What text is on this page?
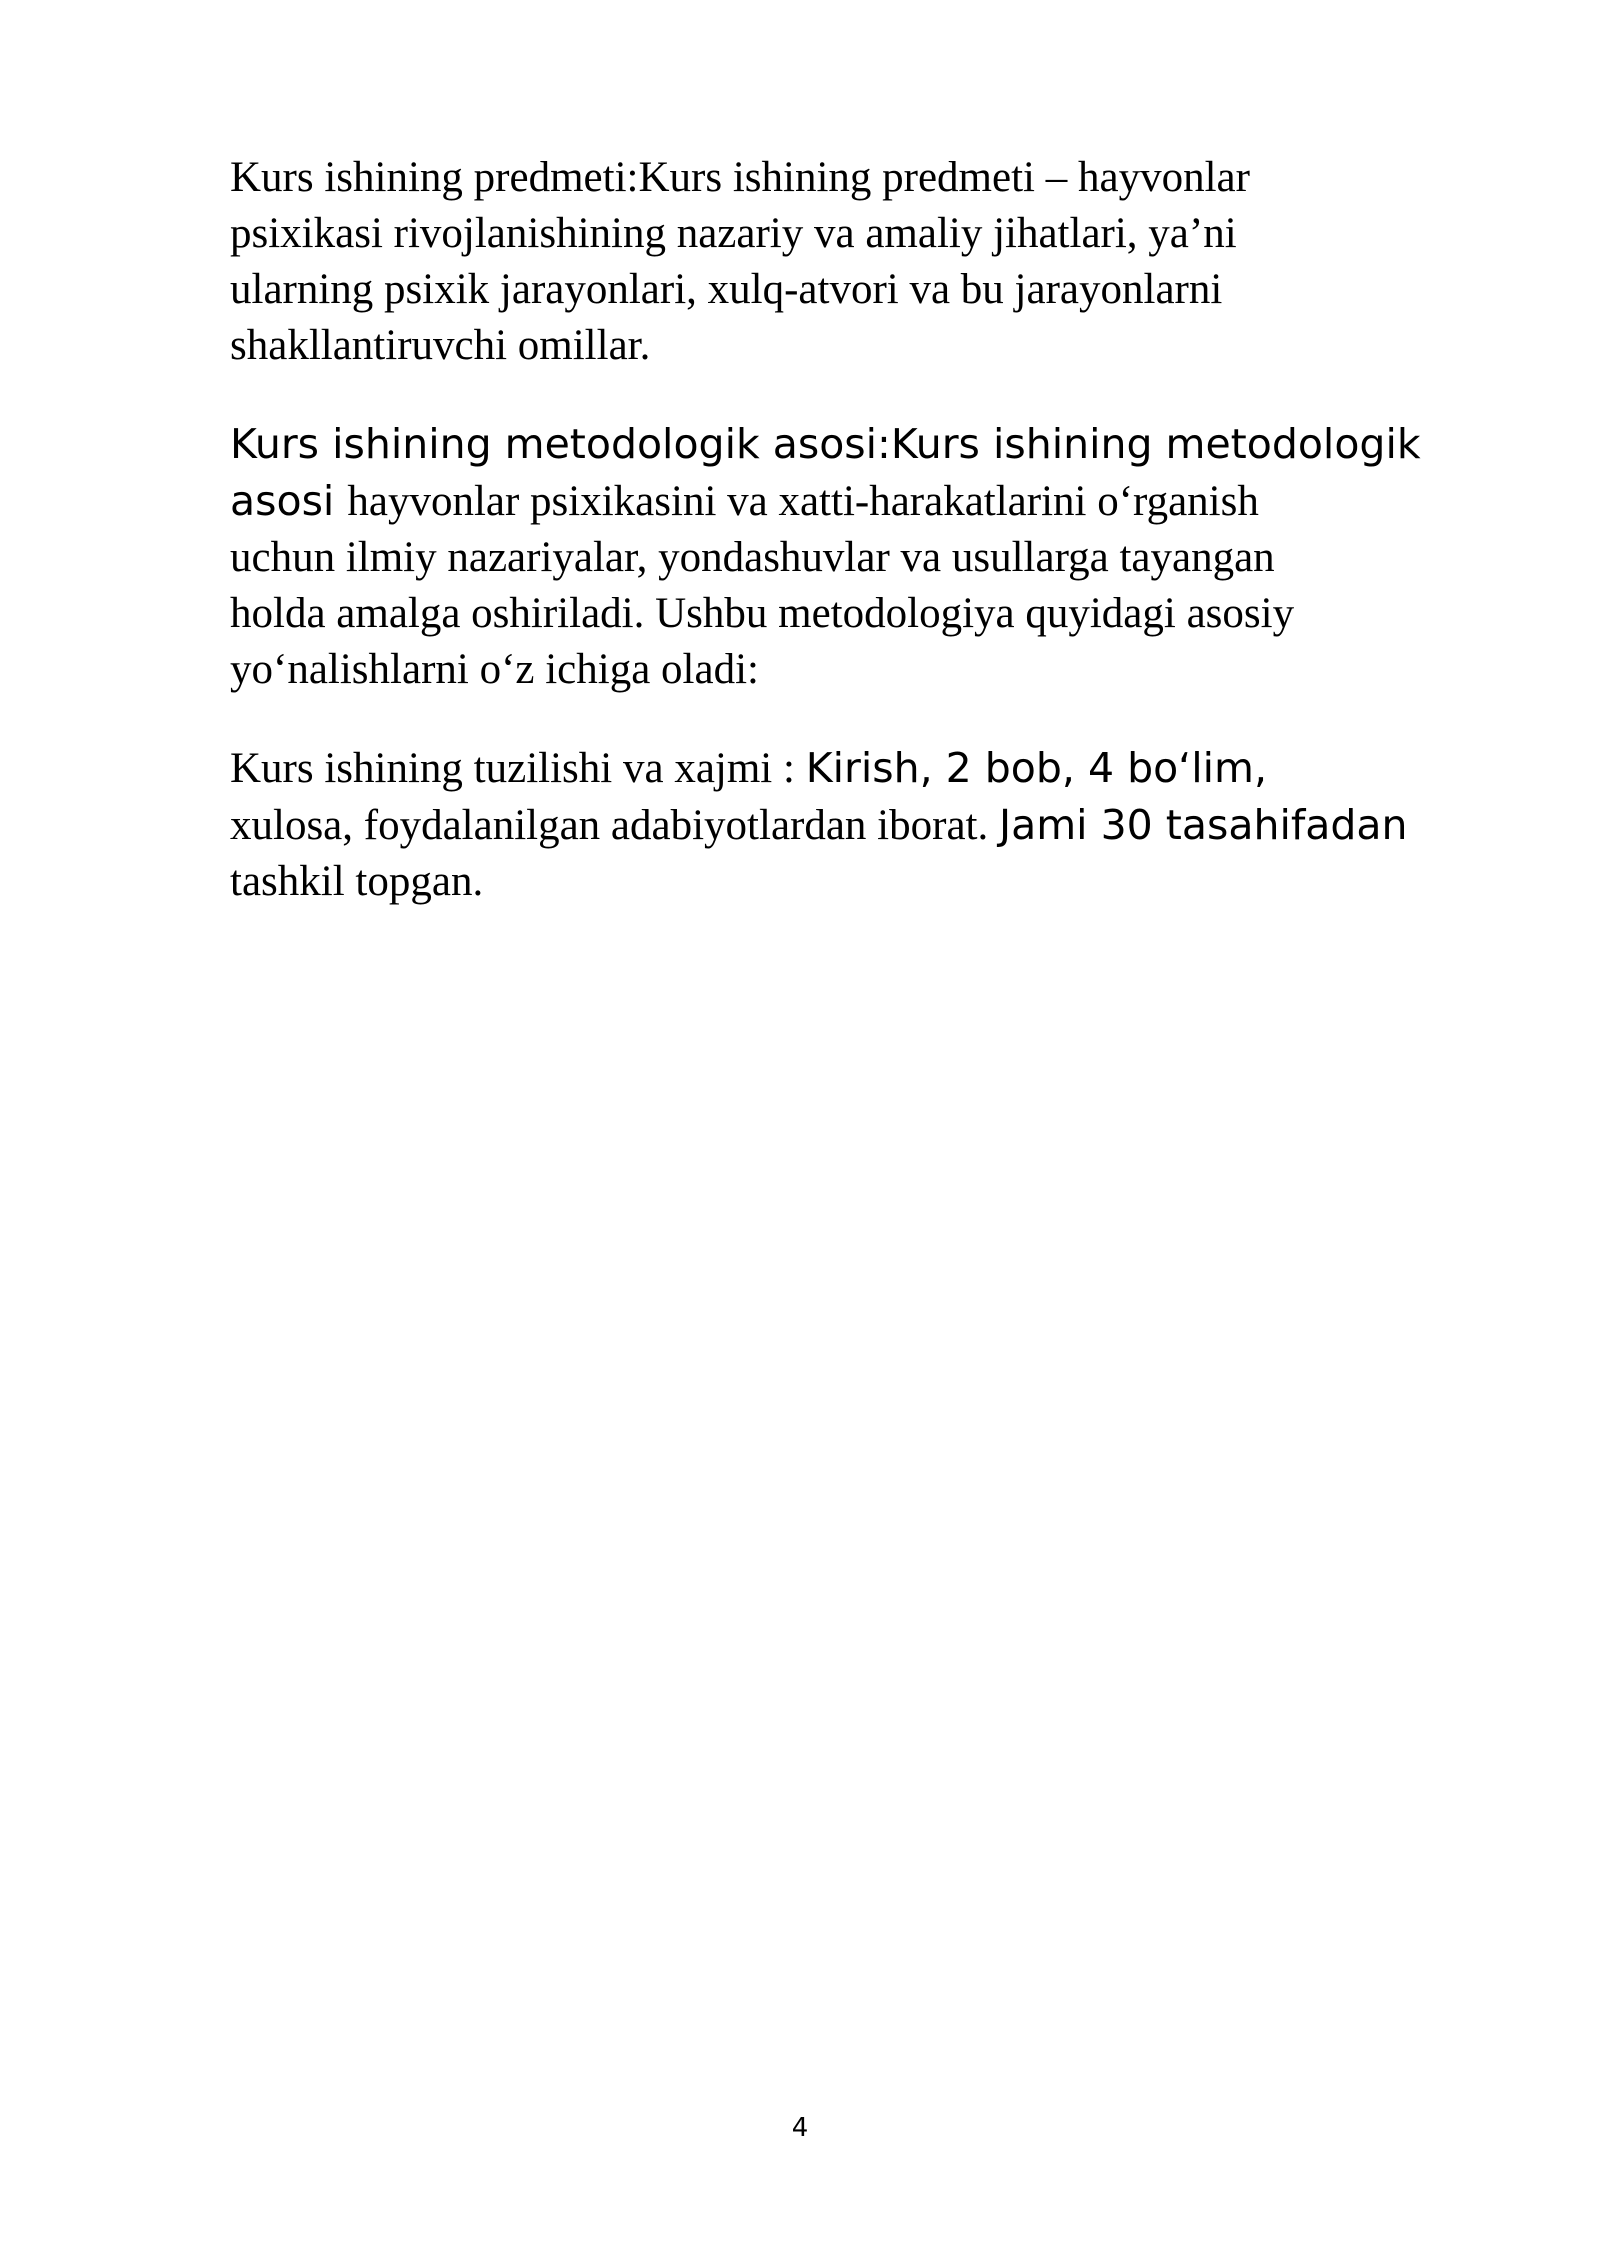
Kurs ishining predmeti:Kurs ishining predmeti – hayvonlar
psixikasi rivojlanishining nazariy va amaliy jihatlari, ya’ni
ularning psixik jarayonlari, xulq-atvori va bu jarayonlarni
shakllantiruvchi omillar.

Kurs ishining metodologik asosi:Kurs ishining metodologik
asosi hayvonlar psixikasini va xatti-harakatlarini o‘rganish
uchun ilmiy nazariyalar, yondashuvlar va usullarga tayangan
holda amalga oshiriladi. Ushbu metodologiya quyidagi asosiy
yo‘nalishlarni o‘z ichiga oladi:

Kurs ishining tuzilishi va xajmi : Kirish, 2 bob, 4 bo‘lim,
xulosa, foydalanilgan adabiyotlardan iborat. Jami 30 tasahifadan
tashkil topgan.

4
